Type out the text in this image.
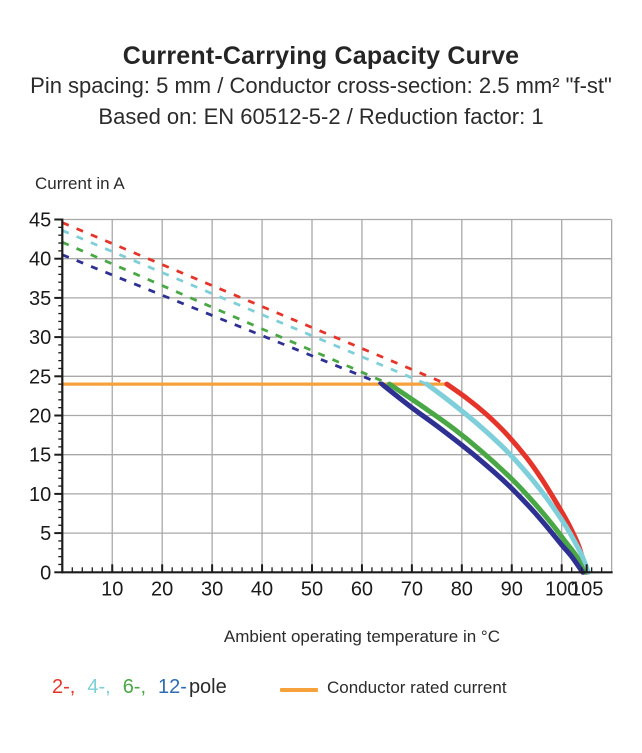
Current-Carrying Capacity Curve
Pin spacing: 5 mm / Conductor cross-section: 2.5 mm² "f-st"
Based on: EN 60512-5-2 / Reduction factor: 1
Current in A
10 20 30 40 50 60 70 80 90 100
105
0
5
10
15
20
25
30
35
40
45
Ambient operating temperature in °C
2-, 4-, 6-, 12- pole	Conductor rated current
